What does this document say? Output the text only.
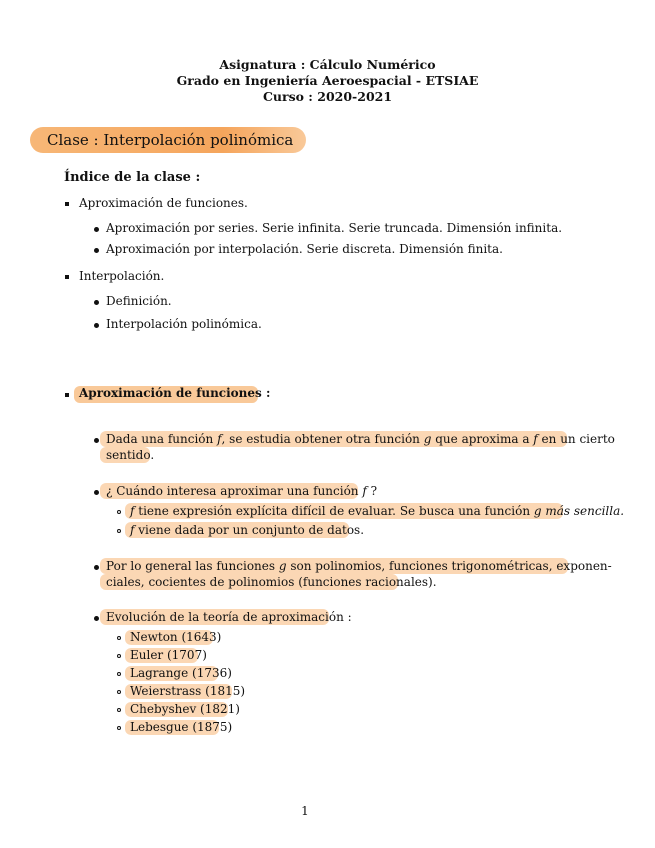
Asignatura : Cálculo Numérico
Grado en Ingeniería Aeroespacial - ETSIAE
Curso : 2020-2021
Clase : Interpolación polinómica
Índice de la clase :
Aproximación de funciones.
Aproximación por series. Serie infinita. Serie truncada. Dimensión infinita.
Aproximación por interpolación. Serie discreta. Dimensión finita.
Interpolación.
Definición.
Interpolación polinómica.
Aproximación de funciones :
Dada una función f, se estudia obtener otra función g que aproxima a f en un cierto
sentido.
¿ Cuándo interesa aproximar una función f ?
f tiene expresión explícita difícil de evaluar. Se busca una función g más sencilla.
f viene dada por un conjunto de datos.
Por lo general las funciones g son polinomios, funciones trigonométricas, exponen-
ciales, cocientes de polinomios (funciones racionales).
Evolución de la teoría de aproximación :
Newton (1643)
Euler (1707)
Lagrange (1736)
Weierstrass (1815)
Chebyshev (1821)
Lebesgue (1875)
1
